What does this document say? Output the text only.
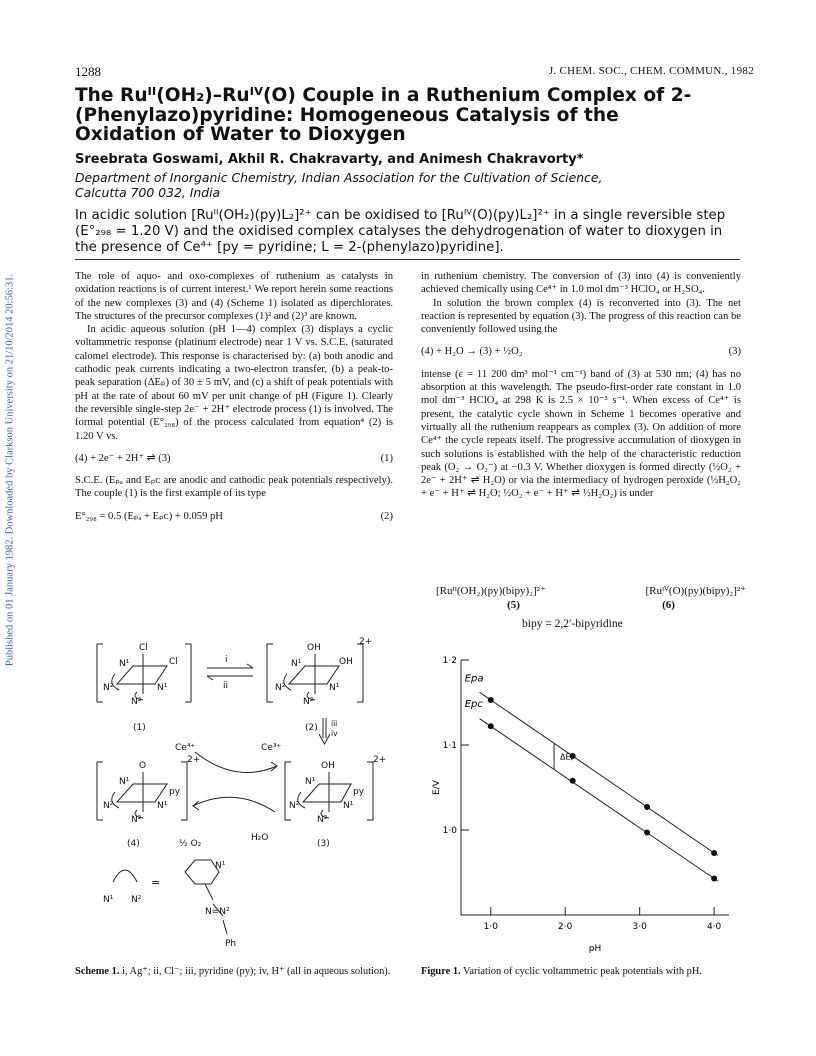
Published on 01 January 1982. Downloaded by Clarkson University on 21/10/2014 20:56:31.
1288	J. CHEM. SOC., CHEM. COMMUN., 1982
The Ruᴵᴵ(OH₂)–Ruᴵⱽ(O) Couple in a Ruthenium Complex of 2-(Phenylazo)pyridine: Homogeneous Catalysis of the Oxidation of Water to Dioxygen
Sreebrata Goswami, Akhil R. Chakravarty, and Animesh Chakravorty*
Department of Inorganic Chemistry, Indian Association for the Cultivation of Science, Calcutta 700 032, India
In acidic solution [Ruᴵᴵ(OH₂)(py)L₂]²⁺ can be oxidised to [Ruᴵⱽ(O)(py)L₂]²⁺ in a single reversible step (E°₂₉₈ = 1.20 V) and the oxidised complex catalyses the dehydrogenation of water to dioxygen in the presence of Ce⁴⁺ [py = pyridine; L = 2-(phenylazo)pyridine].

The role of aquo- and oxo-complexes of ruthenium as catalysts in oxidation reactions is of current interest.¹ We report herein some reactions of the new complexes (3) and (4) (Scheme 1) isolated as diperchlorates. The structures of the precursor complexes (1)² and (2)³ are known.

In acidic aqueous solution (pH 1—4) complex (3) displays a cyclic voltammetric response (platinum electrode) near 1 V vs. S.C.E. (saturated calomel electrode). This response is characterised by: (a) both anodic and cathodic peak currents indicating a two-electron transfer, (b) a peak-to-peak separation (ΔEₚ) of 30 ± 5 mV, and (c) a shift of peak potentials with pH at the rate of about 60 mV per unit change of pH (Figure 1). Clearly the reversible single-step 2e⁻ + 2H⁺ electrode process (1) is involved. The formal potential (E°₂₉₈) of the process calculated from equation⁴ (2) is 1.20 V vs.

(4) + 2e⁻ + 2H⁺ ⇌ (3)	(1)

S.C.E. (Eₚₐ and Eₚᴄ are anodic and cathodic peak potentials respectively). The couple (1) is the first example of its type

E°₂₉₈ = 0.5 (Eₚₐ + Eₚᴄ) + 0.059 pH	(2)

in ruthenium chemistry. The conversion of (3) into (4) is conveniently achieved chemically using Ce⁴⁺ in 1.0 mol dm⁻³ HClO₄ or H₂SO₄.

In solution the brown complex (4) is reconverted into (3). The net reaction is represented by equation (3). The progress of this reaction can be conveniently followed using the

(4) + H₂O → (3) + ½O₂	(3)

intense (ε = 11 200 dm³ mol⁻¹ cm⁻¹) band of (3) at 530 nm; (4) has no absorption at this wavelength. The pseudo-first-order rate constant in 1.0 mol dm⁻³ HClO₄ at 298 K is 2.5 × 10⁻³ s⁻¹. When excess of Ce⁴⁺ is present, the catalytic cycle shown in Scheme 1 becomes operative and virtually all the ruthenium reappears as complex (3). On addition of more Ce⁴⁺ the cycle repeats itself. The progressive accumulation of dioxygen in such solutions is established with the help of the characteristic reduction peak (O₂ → O₂⁻) at −0.3 V. Whether dioxygen is formed directly (½O₂ + 2e⁻ + 2H⁺ ⇌ H₂O) or via the intermediacy of hydrogen peroxide (½H₂O₂ + e⁻ + H⁺ ⇌ H₂O; ½O₂ + e⁻ + H⁺ ⇌ ½H₂O₂) is under

[Ruᴵᴵ(OH₂)(py)(bipy)₂]²⁺	[Ruᴵⱽ(O)(py)(bipy)₂]²⁺
(5)	(6)
bipy = 2,2′-bipyridine
Cl
Cl
N¹
N²	N¹
N²
(1)
OH
OH
2+
N¹
N²	N¹
N²
(2)
i
ii
iii
iv
Ce⁴⁺	Ce³⁺
O
py
2+
N¹
N²	N¹
N²
(4)	½ O₂
H₂O
OH
py
2+
N¹
N²	N¹
N²
(3)
N¹ N²
=
N¹
N=N²
Ph
Scheme 1. i, Ag⁺; ii, Cl⁻; iii, pyridine (py); iv, H⁺ (all in aqueous solution).
1·0	2·0	3·0	4·0
1·2
1·1
1·0
pH
E/V
Epa
Epc
ΔEₚ
Figure 1. Variation of cyclic voltammetric peak potentials with pH.
